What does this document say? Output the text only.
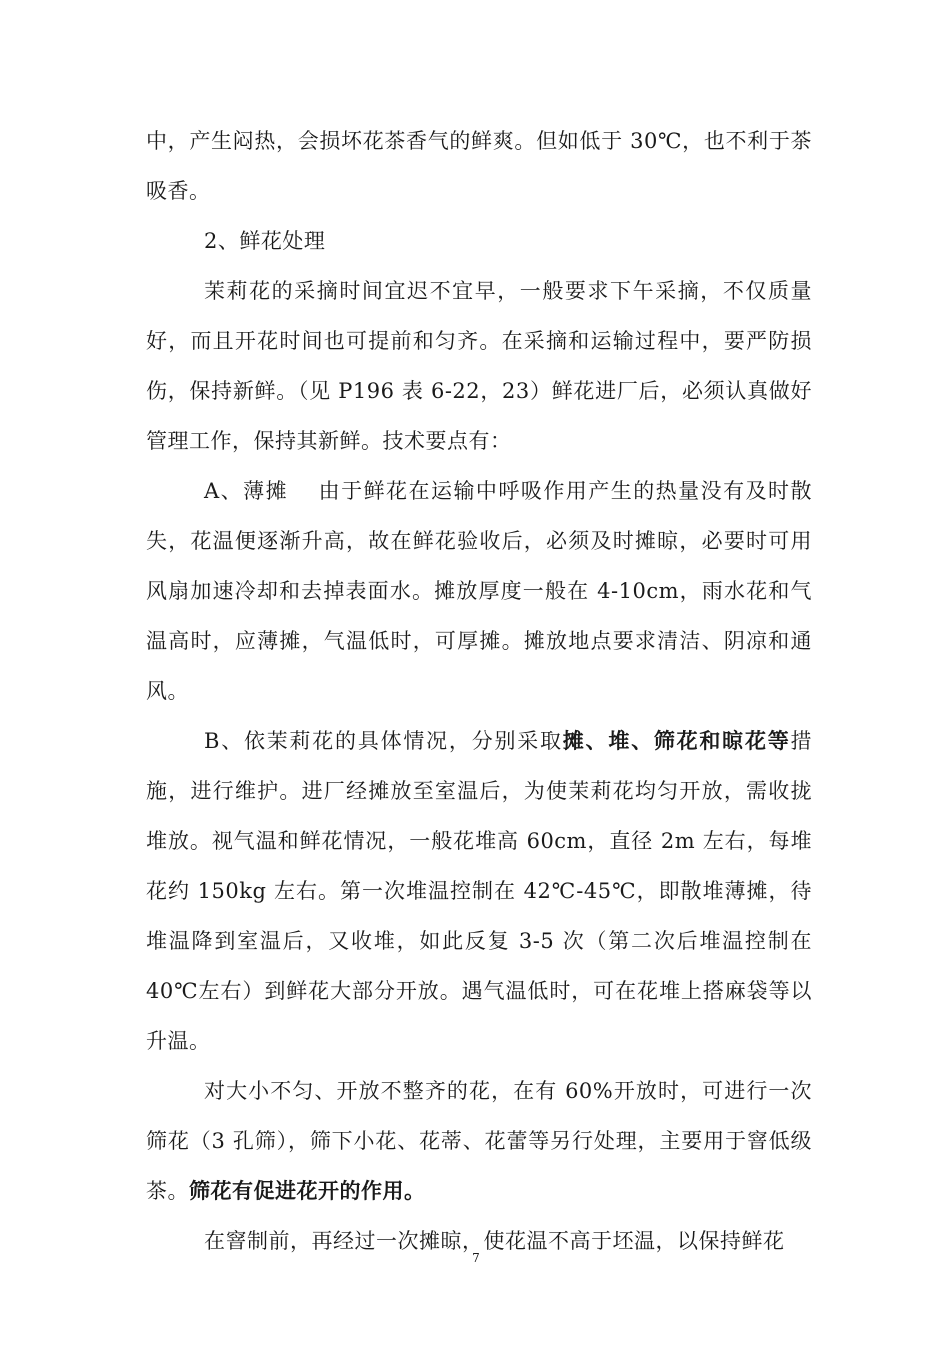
中，产生闷热，会损坏花茶香气的鲜爽。但如低于 30℃，也不利于茶吸香。

2、鲜花处理

茉莉花的采摘时间宜迟不宜早，一般要求下午采摘，不仅质量好，而且开花时间也可提前和匀齐。在采摘和运输过程中，要严防损伤，保持新鲜。（见 P196 表 6-22，23）鲜花进厂后，必须认真做好管理工作，保持其新鲜。技术要点有：

A、薄摊　 由于鲜花在运输中呼吸作用产生的热量没有及时散失，花温便逐渐升高，故在鲜花验收后，必须及时摊晾，必要时可用风扇加速冷却和去掉表面水。摊放厚度一般在 4-10cm，雨水花和气温高时，应薄摊，气温低时，可厚摊。摊放地点要求清洁、阴凉和通风。

B、依茉莉花的具体情况，分别采取摊、堆、筛花和晾花等措施，进行维护。进厂经摊放至室温后，为使茉莉花均匀开放，需收拢堆放。视气温和鲜花情况，一般花堆高 60cm，直径 2m 左右，每堆花约 150kg 左右。第一次堆温控制在 42℃-45℃，即散堆薄摊，待堆温降到室温后，又收堆，如此反复 3-5 次（第二次后堆温控制在 40℃左右）到鲜花大部分开放。遇气温低时，可在花堆上搭麻袋等以升温。

对大小不匀、开放不整齐的花，在有 60%开放时，可进行一次筛花（3 孔筛），筛下小花、花蒂、花蕾等另行处理，主要用于窨低级茶。筛花有促进花开的作用。

在窨制前，再经过一次摊晾，使花温不高于坯温，以保持鲜花

7
